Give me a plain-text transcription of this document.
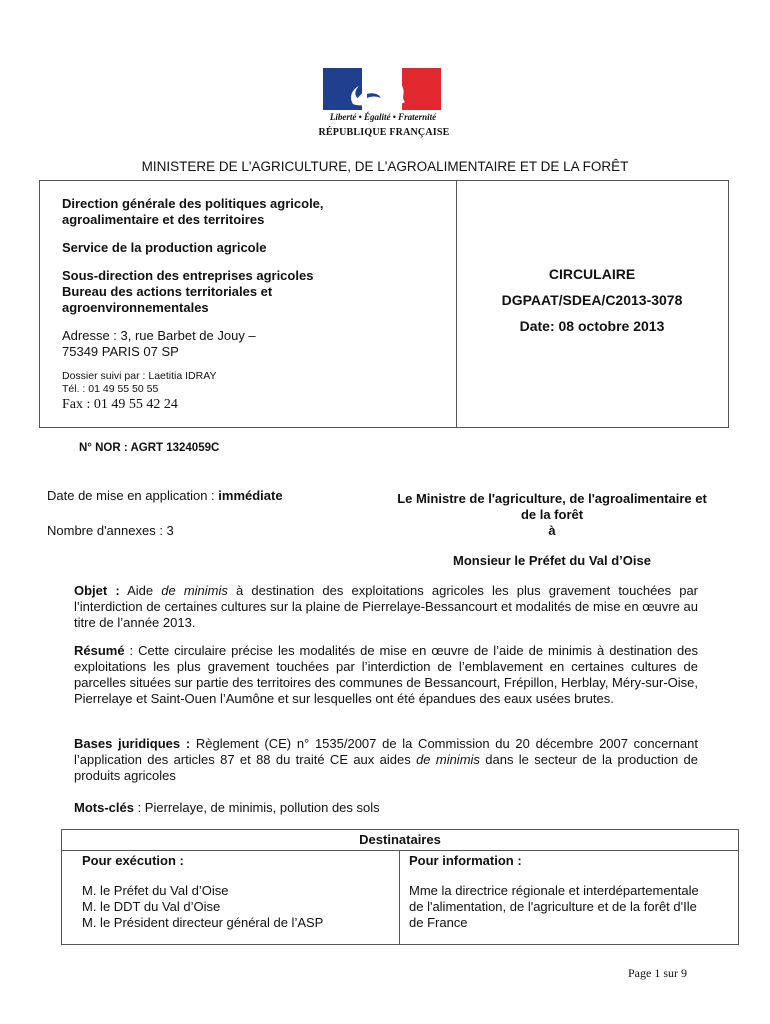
Liberté • Égalité • Fraternité
RÉPUBLIQUE FRANÇAISE
MINISTERE DE L'AGRICULTURE, DE L'AGROALIMENTAIRE ET DE LA FORÊT
Direction générale des politiques agricole,
agroalimentaire et des territoires
Service de la production agricole
Sous-direction des entreprises agricoles
Bureau des actions territoriales et
agroenvironnementales
Adresse : 3, rue Barbet de Jouy –
75349 PARIS 07 SP
Dossier suivi par : Laetitia IDRAY
Tél. : 01 49 55 50 55
Fax : 01 49 55 42 24
CIRCULAIRE
DGPAAT/SDEA/C2013-3078
Date: 08 octobre 2013
N° NOR : AGRT 1324059C
Date de mise en application : immédiate
Nombre d'annexes : 3
Le Ministre de l'agriculture, de l'agroalimentaire et
de la forêt
à
Monsieur le Préfet du Val d’Oise
Objet : Aide de minimis à destination des exploitations agricoles les plus gravement touchées par l’interdiction de certaines cultures sur la plaine de Pierrelaye-Bessancourt et modalités de mise en œuvre au titre de l’année 2013.
Résumé : Cette circulaire précise les modalités de mise en œuvre de l’aide de minimis à destination des exploitations les plus gravement touchées par l’interdiction de l’emblavement en certaines cultures de parcelles situées sur partie des territoires des communes de Bessancourt, Frépillon, Herblay, Méry-sur-Oise, Pierrelaye et Saint-Ouen l’Aumône et sur lesquelles ont été épandues des eaux usées brutes.
Bases juridiques : Règlement (CE) n° 1535/2007 de la Commission du 20 décembre 2007 concernant l’application des articles 87 et 88 du traité CE aux aides de minimis dans le secteur de la production de produits agricoles
Mots-clés : Pierrelaye, de minimis, pollution des sols
Destinataires
Pour exécution :	Pour information :
M. le Préfet du Val d’Oise
M. le DDT du Val d’Oise
M. le Président directeur général de l’ASP
Mme la directrice régionale et interdépartementale
de l'alimentation, de l'agriculture et de la forêt d'Ile
de France
Page 1 sur 9
